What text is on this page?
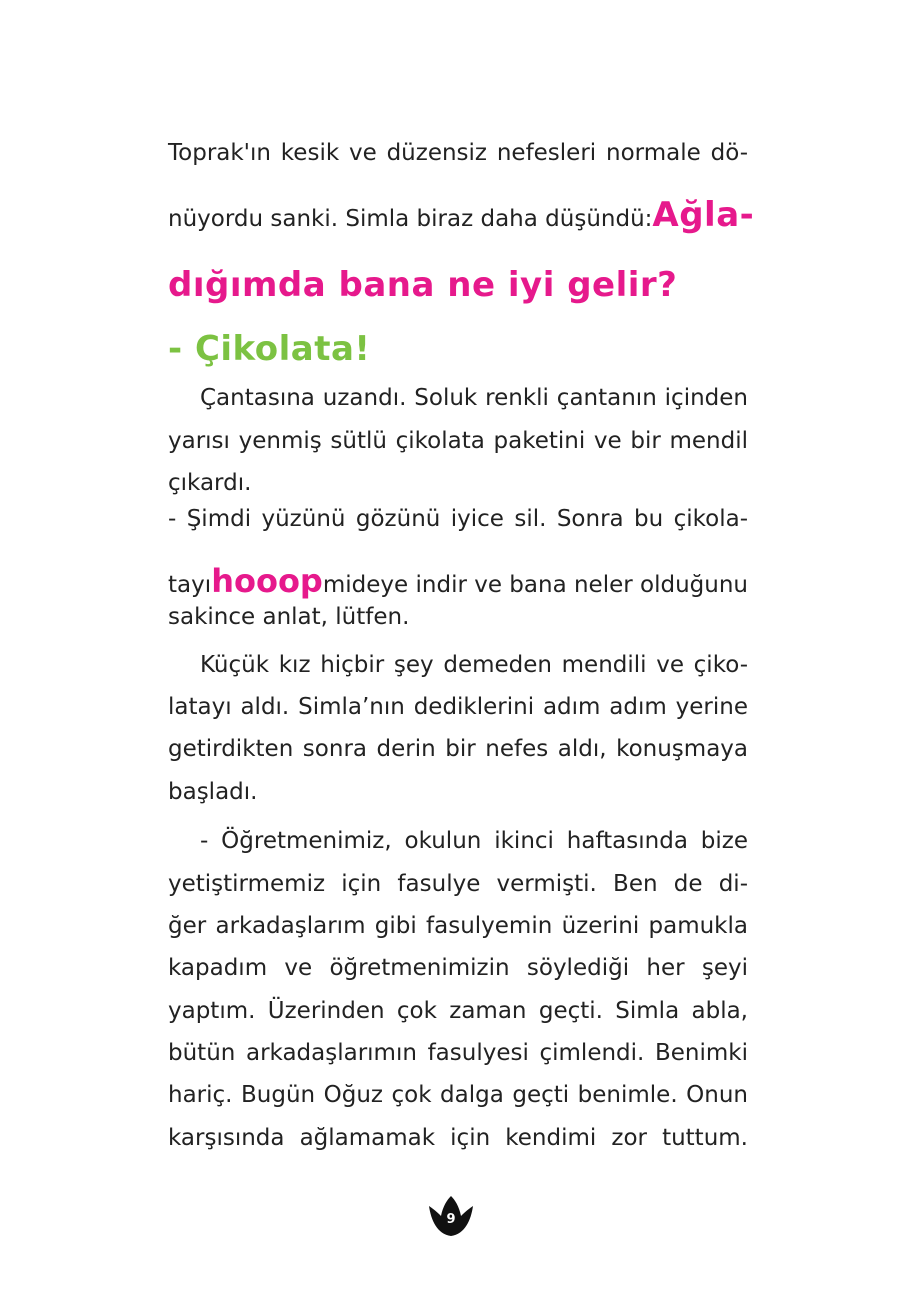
Toprak'ın kesik ve düzensiz nefesleri normale dö-
nüyordu sanki. Simla biraz daha düşündü: Ağla-
dığımda bana ne iyi gelir?
- Çikolata!
Çantasına uzandı. Soluk renkli çantanın içinden
yarısı yenmiş sütlü çikolata paketini ve bir mendil
çıkardı.
- Şimdi yüzünü gözünü iyice sil. Sonra bu çikola-
tayı hooop mideye indir ve bana neler olduğunu
sakince anlat, lütfen.
Küçük kız hiçbir şey demeden mendili ve çiko-
latayı aldı. Simla’nın dediklerini adım adım yerine
getirdikten sonra derin bir nefes aldı, konuşmaya
başladı.
- Öğretmenimiz, okulun ikinci haftasında bize
yetiştirmemiz için fasulye vermişti. Ben de di-
ğer arkadaşlarım gibi fasulyemin üzerini pamukla
kapadım ve öğretmenimizin söylediği her şeyi
yaptım. Üzerinden çok zaman geçti. Simla abla,
bütün arkadaşlarımın fasulyesi çimlendi. Benimki
hariç. Bugün Oğuz çok dalga geçti benimle. Onun
karşısında ağlamamak için kendimi zor tuttum.
9
